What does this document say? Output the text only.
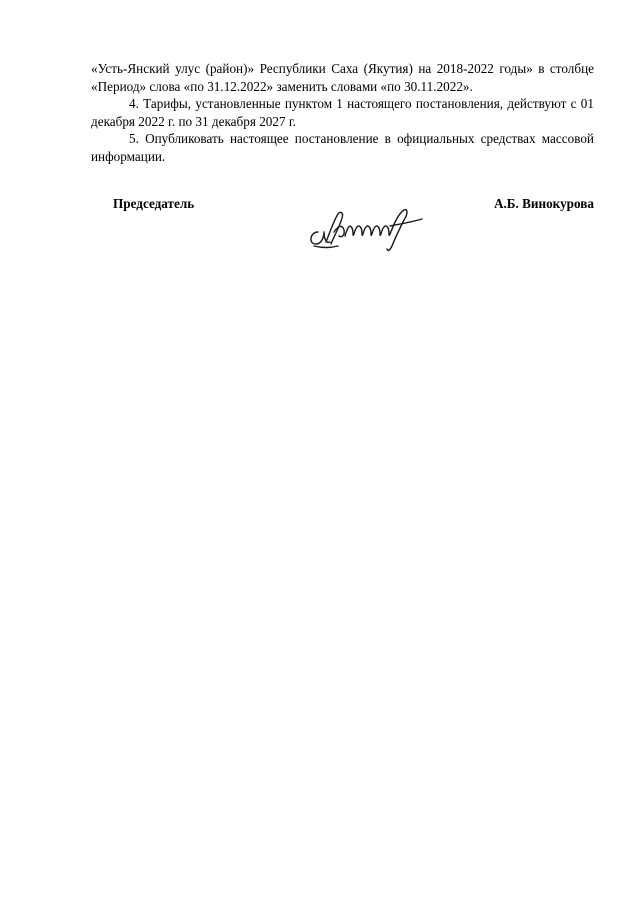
«Усть-Янский улус (район)» Республики Саха (Якутия) на 2018-2022 годы» в столбце «Период» слова «по 31.12.2022» заменить словами «по 30.11.2022».

4. Тарифы, установленные пунктом 1 настоящего постановления, действуют с 01 декабря 2022 г. по 31 декабря 2027 г.

5. Опубликовать настоящее постановление в официальных средствах массовой информации.

Председатель	А.Б. Винокурова
